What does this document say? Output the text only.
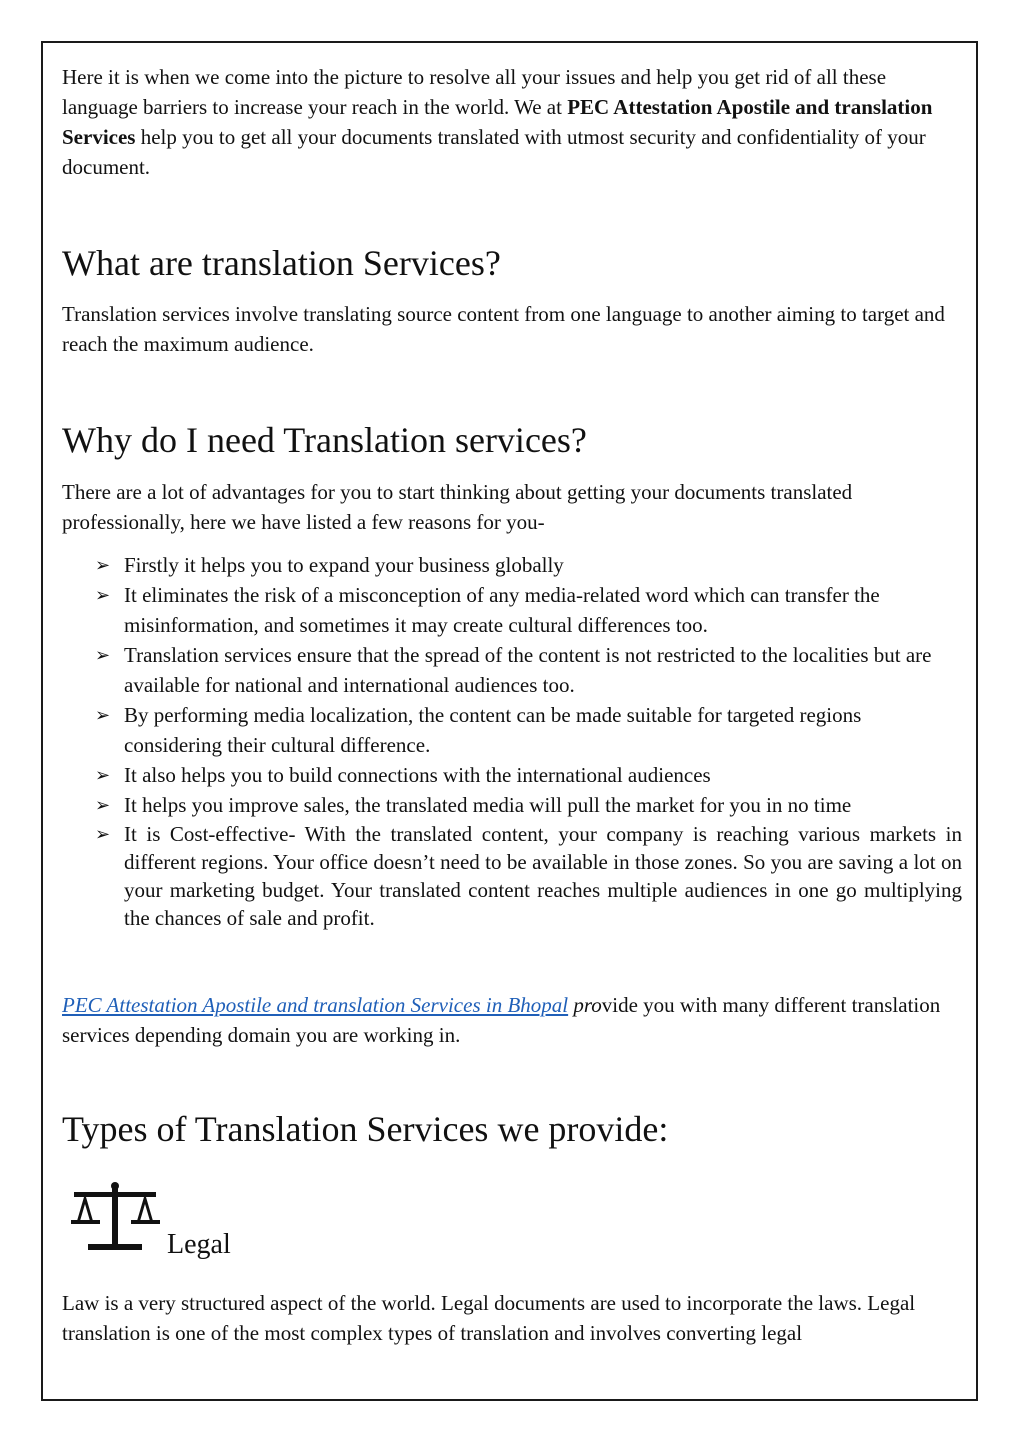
Here it is when we come into the picture to resolve all your issues and help you get rid of all these language barriers to increase your reach in the world. We at PEC Attestation Apostile and translation Services help you to get all your documents translated with utmost security and confidentiality of your document.

What are translation Services?

Translation services involve translating source content from one language to another aiming to target and reach the maximum audience.

Why do I need Translation services?

There are a lot of advantages for you to start thinking about getting your documents translated professionally, here we have listed a few reasons for you-

➢ Firstly it helps you to expand your business globally
➢ It eliminates the risk of a misconception of any media-related word which can transfer the misinformation, and sometimes it may create cultural differences too.
➢ Translation services ensure that the spread of the content is not restricted to the localities but are available for national and international audiences too.
➢ By performing media localization, the content can be made suitable for targeted regions considering their cultural difference.
➢ It also helps you to build connections with the international audiences
➢ It helps you improve sales, the translated media will pull the market for you in no time
➢ It is Cost-effective- With the translated content, your company is reaching various markets in different regions. Your office doesn’t need to be available in those zones. So you are saving a lot on your marketing budget. Your translated content reaches multiple audiences in one go multiplying the chances of sale and profit.

PEC Attestation Apostile and translation Services in Bhopal provide you with many different translation services depending domain you are working in.

Types of Translation Services we provide:
Legal

Law is a very structured aspect of the world. Legal documents are used to incorporate the laws. Legal translation is one of the most complex types of translation and involves converting legal
